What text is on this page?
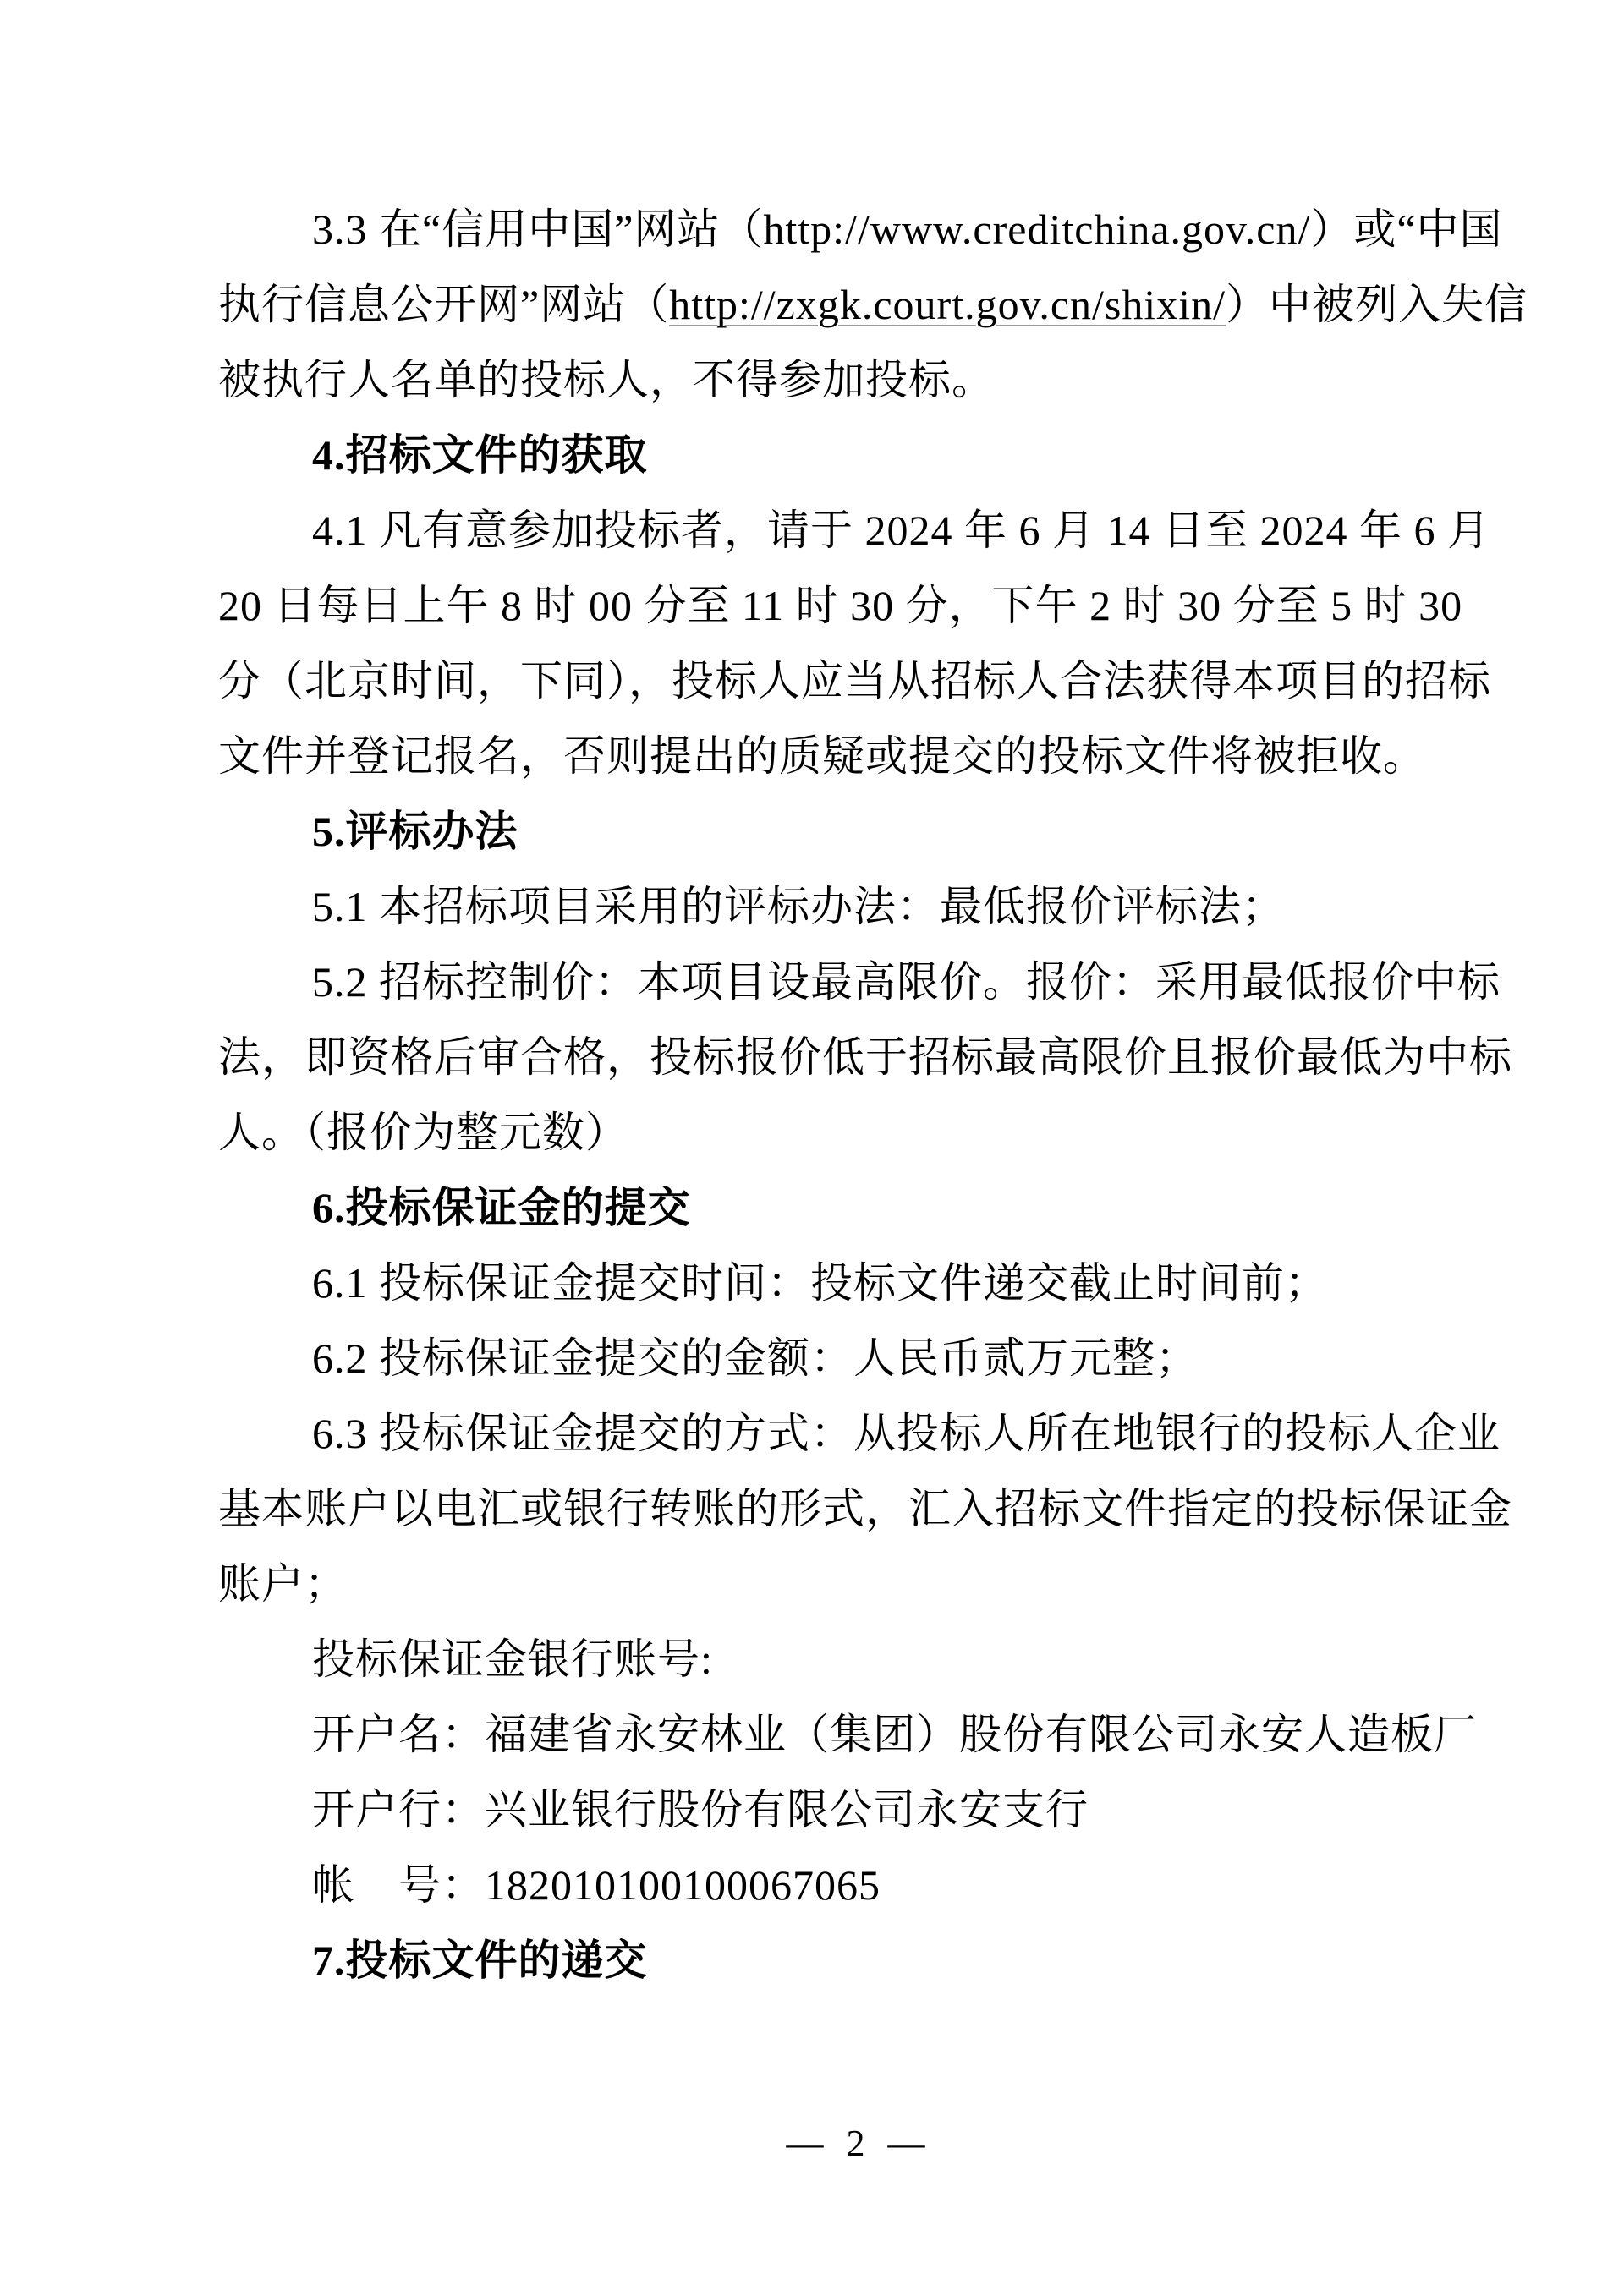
3.3 在“信用中国”网站（http://www.creditchina.gov.cn/）或“中国
执行信息公开网”网站（http://zxgk.court.gov.cn/shixin/）中被列入失信
被执行人名单的投标人，不得参加投标。
4.招标文件的获取
4.1 凡有意参加投标者，请于 2024 年 6 月 14 日至 2024 年 6 月
20 日每日上午 8 时 00 分至 11 时 30 分，下午 2 时 30 分至 5 时 30
分（北京时间，下同），投标人应当从招标人合法获得本项目的招标
文件并登记报名，否则提出的质疑或提交的投标文件将被拒收。
5.评标办法
5.1 本招标项目采用的评标办法：最低报价评标法；
5.2 招标控制价：本项目设最高限价。报价：采用最低报价中标
法，即资格后审合格，投标报价低于招标最高限价且报价最低为中标
人。（报价为整元数）
6.投标保证金的提交
6.1 投标保证金提交时间：投标文件递交截止时间前；
6.2 投标保证金提交的金额：人民币贰万元整；
6.3 投标保证金提交的方式：从投标人所在地银行的投标人企业
基本账户以电汇或银行转账的形式，汇入招标文件指定的投标保证金
账户；
投标保证金银行账号:
开户名：福建省永安林业（集团）股份有限公司永安人造板厂
开户行：兴业银行股份有限公司永安支行
帐　号：182010100100067065
7.投标文件的递交
— 2 —
